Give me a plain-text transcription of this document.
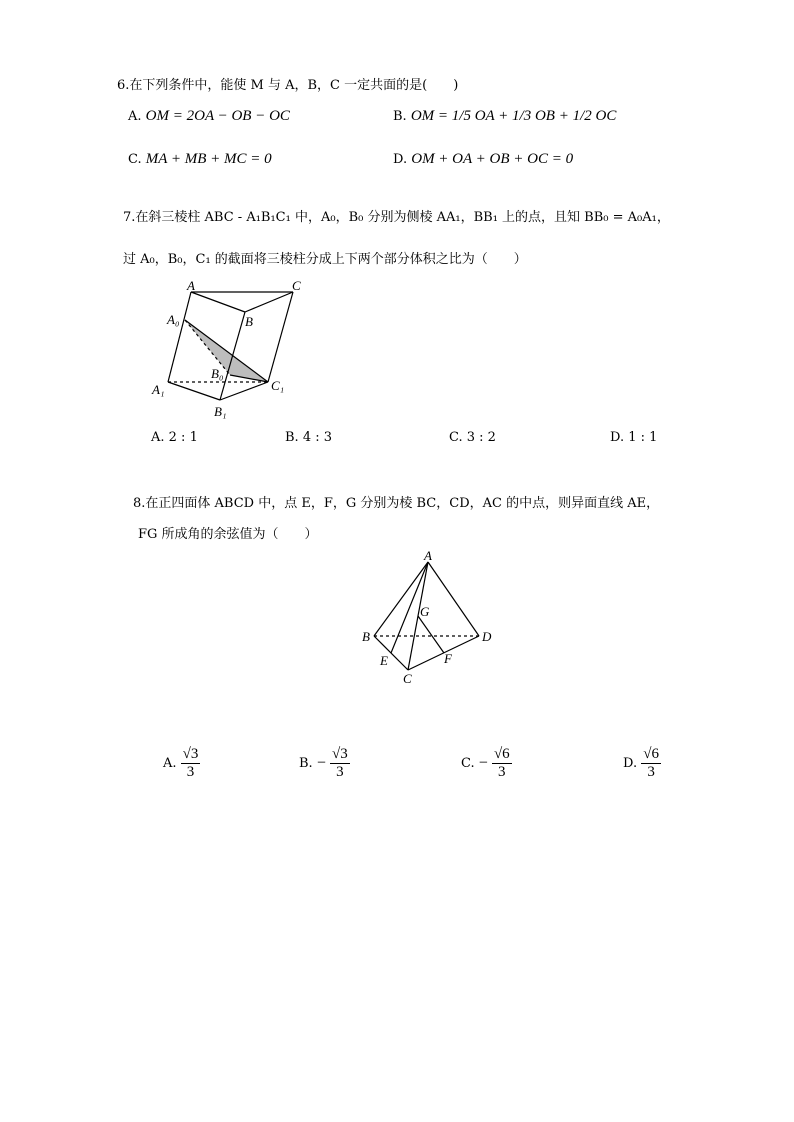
6.在下列条件中，能使 M 与 A，B，C 一定共面的是(　　)
A. OM = 2OA − OB − OC	B. OM = 1/5 OA + 1/3 OB + 1/2 OC
C. MA + MB + MC = 0	D. OM + OA + OB + OC = 0
7.在斜三棱柱 ABC - A₁B₁C₁ 中，A₀，B₀ 分别为侧棱 AA₁，BB₁ 上的点，且知 BB₀ = A₀A₁，
过 A₀，B₀，C₁ 的截面将三棱柱分成上下两个部分体积之比为（　　）
A	C
B
A₀
B₀
C₁
A₁
B₁
A. 2 : 1	B. 4 : 3	C. 3 : 2	D. 1 : 1
8.在正四面体 ABCD 中，点 E，F，G 分别为棱 BC，CD，AC 的中点，则异面直线 AE，
FG 所成角的余弦值为（　　）
A
G
B	D
E	F
C
A. $\frac{√3}{3}$	B. − $\frac{√3}{3}$	C. − $\frac{√6}{3}$	D. $\frac{√6}{3}$
